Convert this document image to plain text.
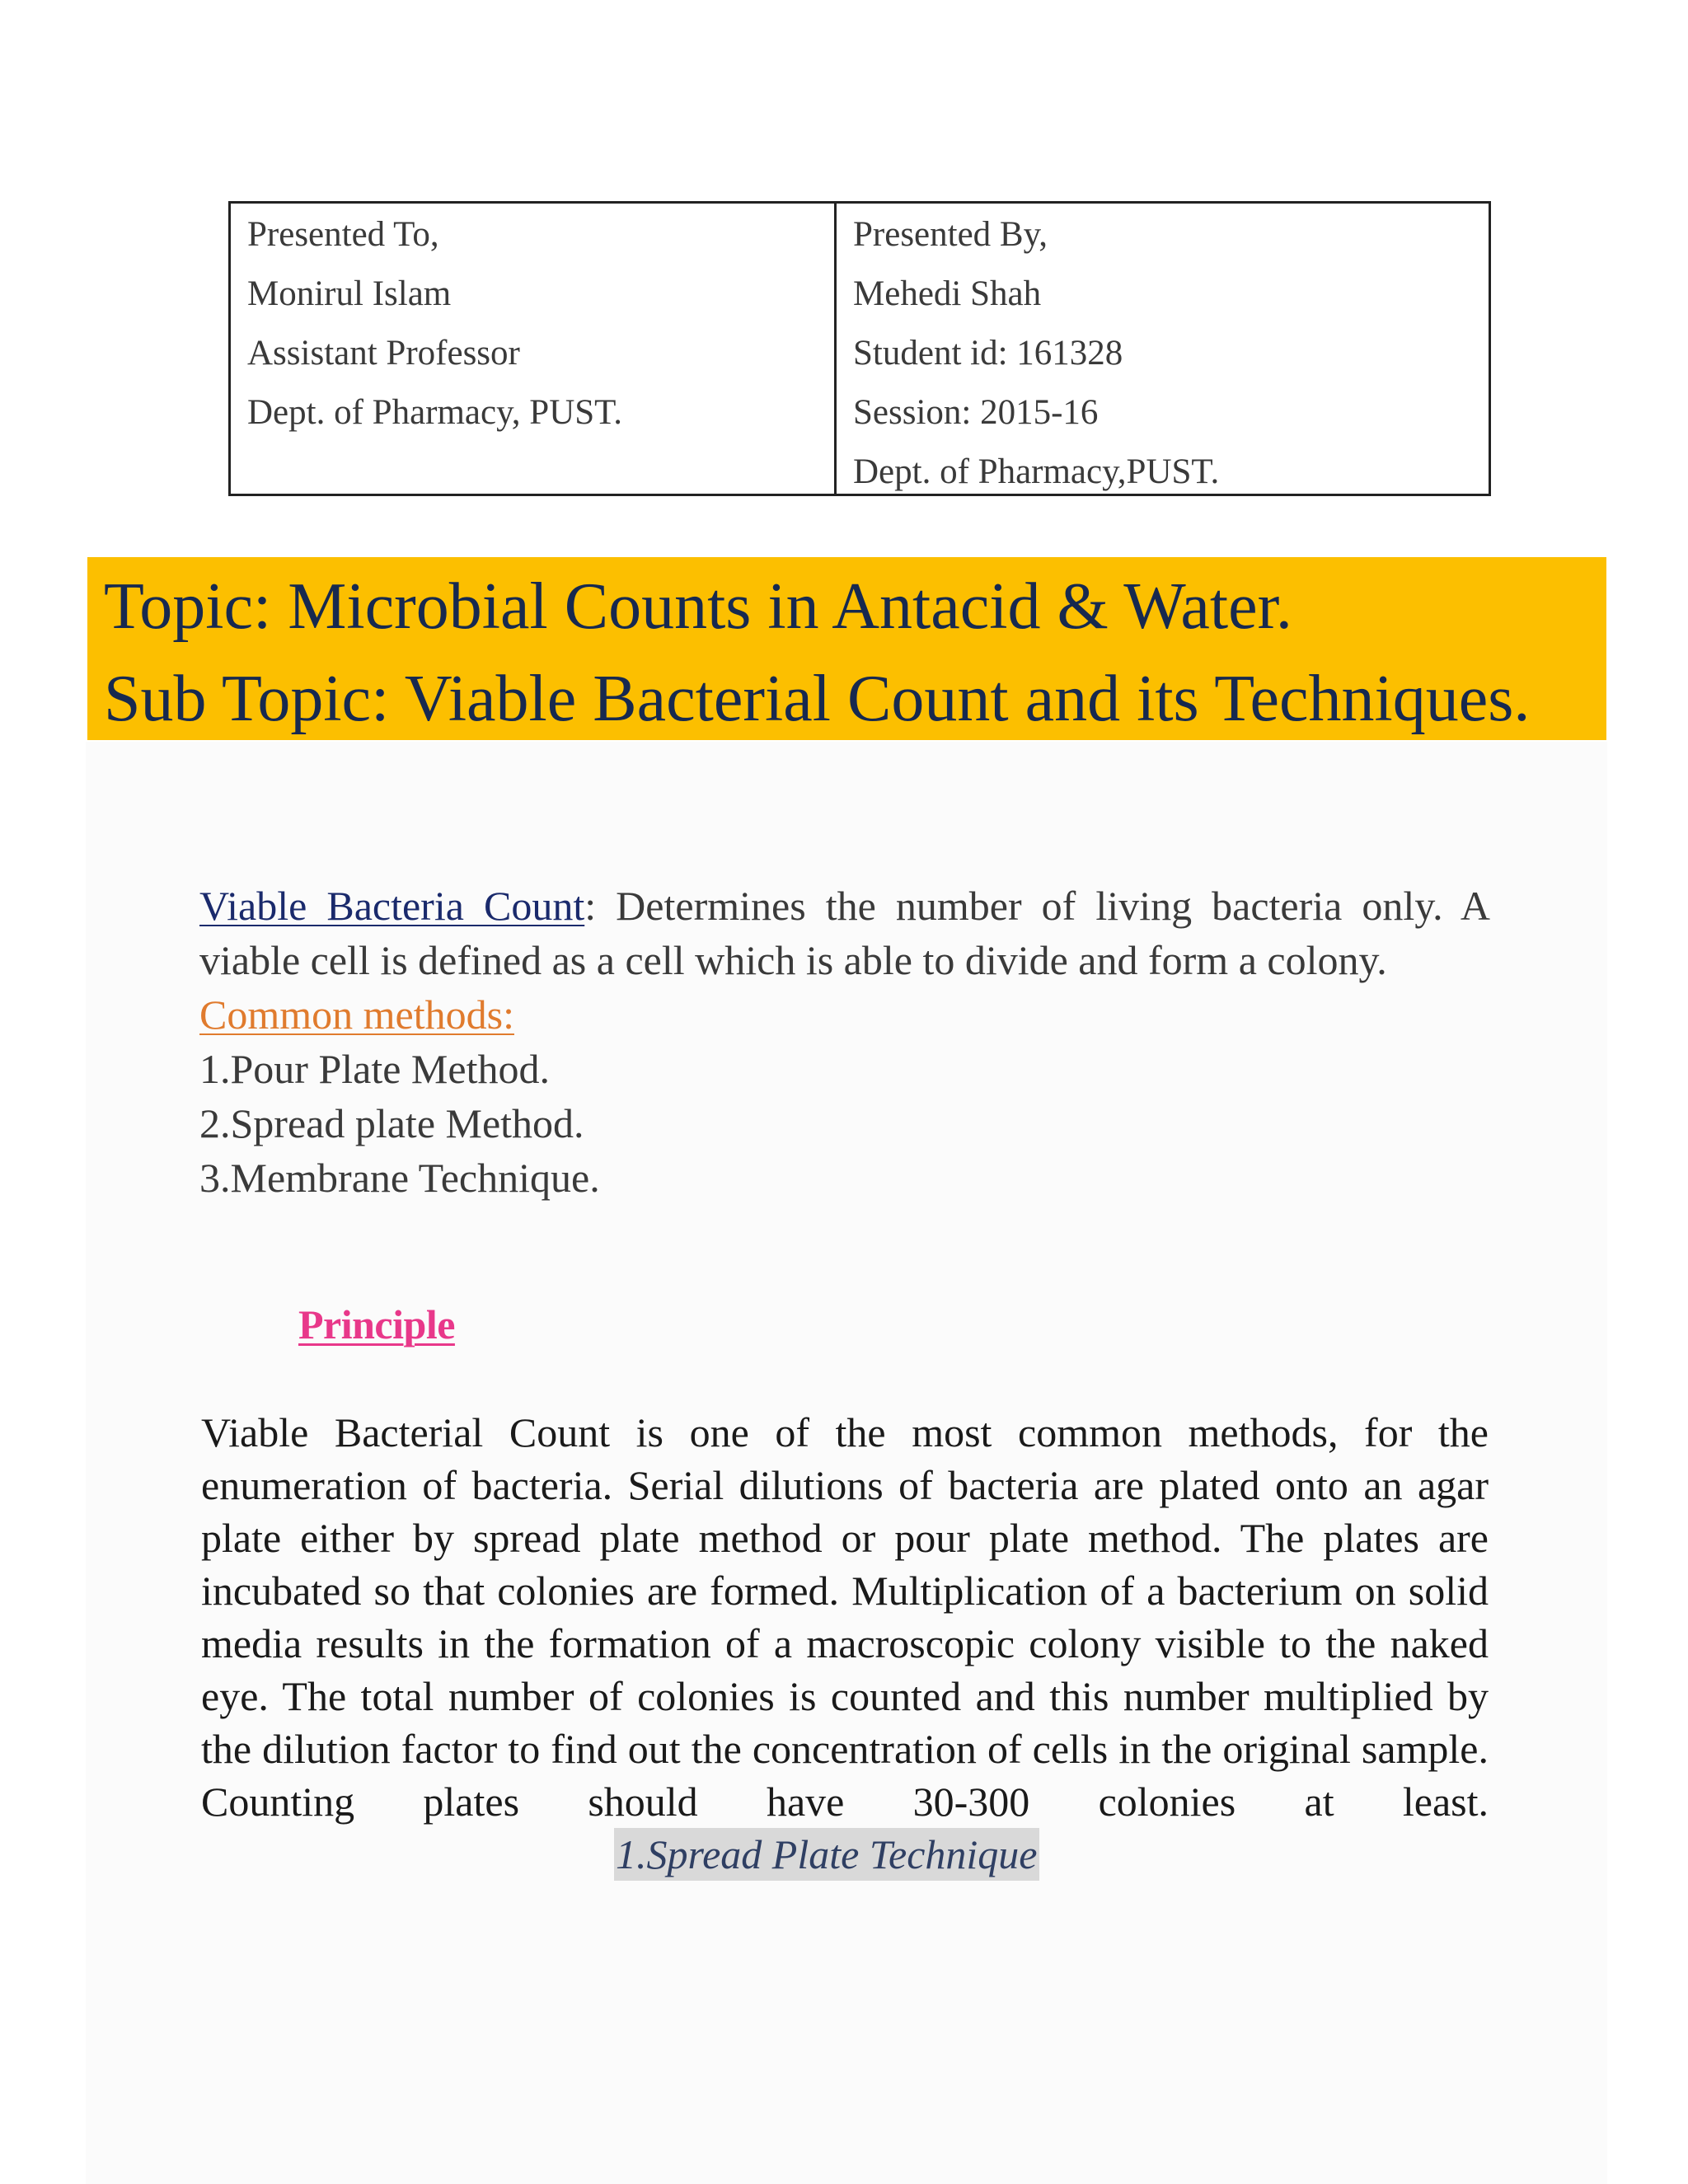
Presented To,
Monirul Islam
Assistant Professor
Dept. of Pharmacy, PUST.
Presented By,
Mehedi Shah
Student id: 161328
Session: 2015-16
Dept. of Pharmacy,PUST.
Topic: Microbial Counts in Antacid & Water.
Sub Topic: Viable Bacterial Count and its Techniques.

Viable Bacteria Count: Determines the number of living bacteria only. A viable cell is defined as a cell which is able to divide and form a colony.

Common methods:
1.Pour Plate Method.
2.Spread plate Method.
3.Membrane Technique.
Principle

Viable Bacterial Count is one of the most common methods, for the enumeration of bacteria. Serial dilutions of bacteria are plated onto an agar plate either by spread plate method or pour plate method. The plates are incubated so that colonies are formed. Multiplication of a bacterium on solid media results in the formation of a macroscopic colony visible to the naked eye. The total number of colonies is counted and this number multiplied by the dilution factor to find out the concentration of cells in the original sample. Counting plates should have 30-300 colonies at least.

1.Spread Plate Technique
